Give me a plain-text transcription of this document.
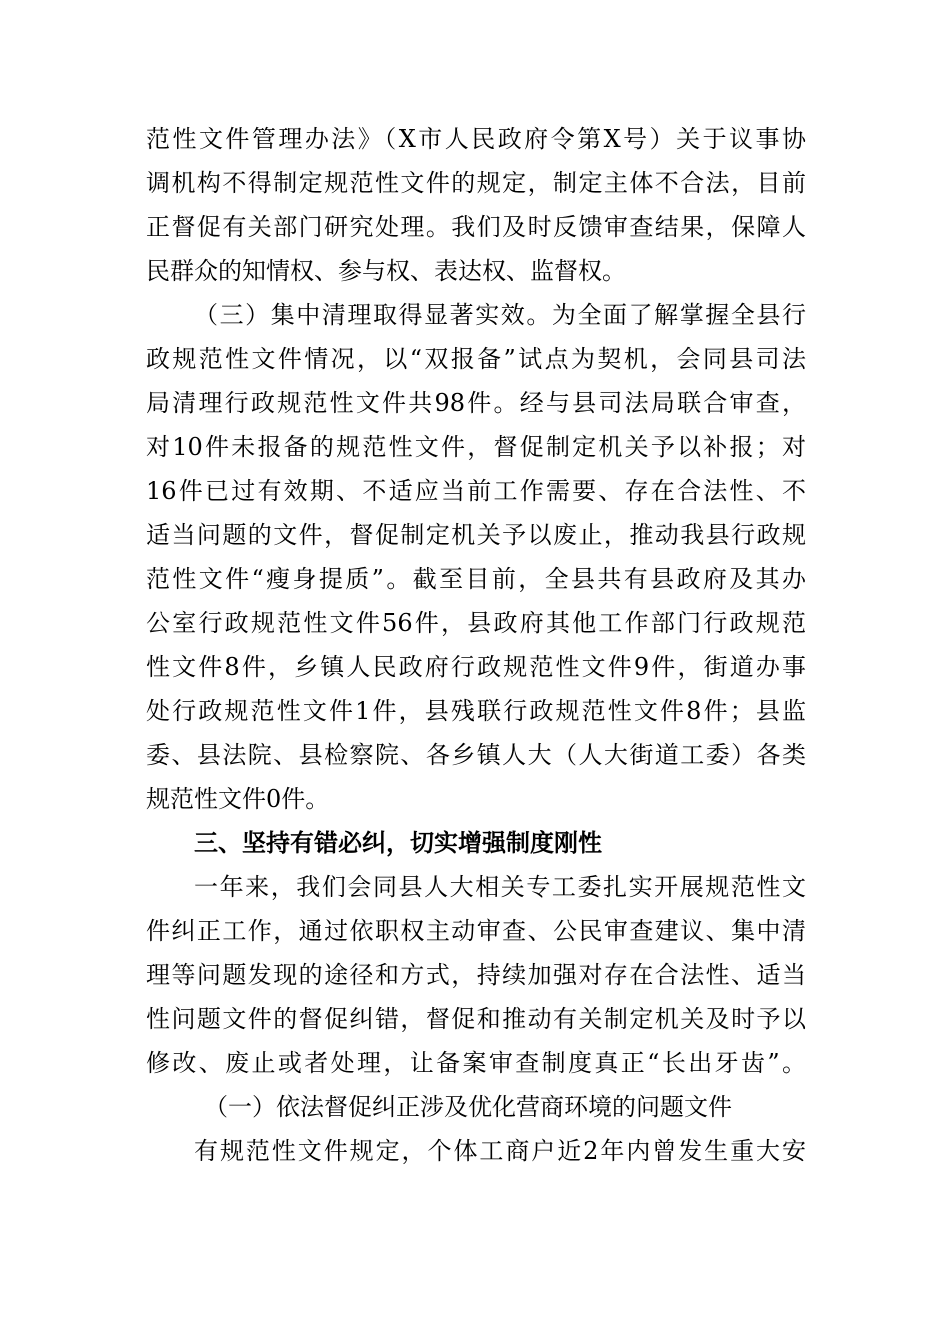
范性文件管理办法》（X市人民政府令第X号）关于议事协
调机构不得制定规范性文件的规定，制定主体不合法，目前
正督促有关部门研究处理。我们及时反馈审查结果，保障人
民群众的知情权、参与权、表达权、监督权。
（三）集中清理取得显著实效。为全面了解掌握全县行
政规范性文件情况，以“双报备”试点为契机，会同县司法
局清理行政规范性文件共98件。经与县司法局联合审查，
对10件未报备的规范性文件，督促制定机关予以补报；对
16件已过有效期、不适应当前工作需要、存在合法性、不
适当问题的文件，督促制定机关予以废止，推动我县行政规
范性文件“瘦身提质”。截至目前，全县共有县政府及其办
公室行政规范性文件56件，县政府其他工作部门行政规范
性文件8件，乡镇人民政府行政规范性文件9件，街道办事
处行政规范性文件1件，县残联行政规范性文件8件；县监
委、县法院、县检察院、各乡镇人大（人大街道工委）各类
规范性文件0件。
三、坚持有错必纠，切实增强制度刚性
一年来，我们会同县人大相关专工委扎实开展规范性文
件纠正工作，通过依职权主动审查、公民审查建议、集中清
理等问题发现的途径和方式，持续加强对存在合法性、适当
性问题文件的督促纠错，督促和推动有关制定机关及时予以
修改、废止或者处理，让备案审查制度真正“长出牙齿”。
（一）依法督促纠正涉及优化营商环境的问题文件
有规范性文件规定，个体工商户近2年内曾发生重大安
